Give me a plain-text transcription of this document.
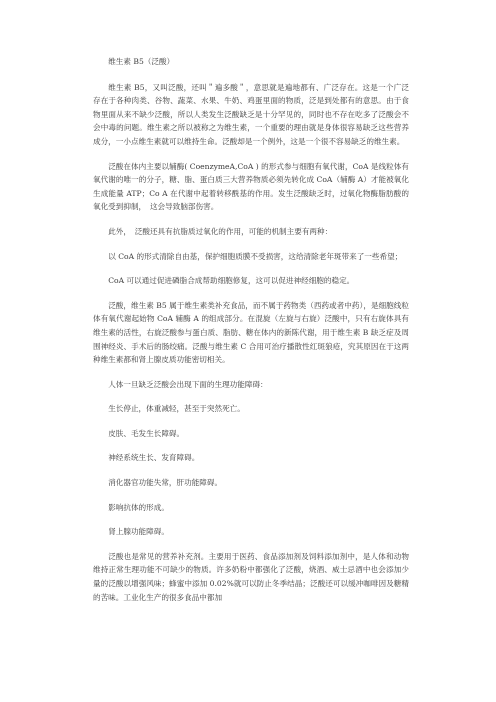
维生素 B5（泛酸）

维生素 B5，又叫泛酸，还叫＂遍多酸＂，意思就是遍地都有、广泛存在。这是一个广泛存在于各种肉类、谷物、蔬菜、水果、牛奶、鸡蛋里面的物质，泛是到处都有的意思。由于食物里面从来不缺少泛酸，所以人类发生泛酸缺乏是十分罕见的，同时也不存在吃多了泛酸会不会中毒的问题。维生素之所以被称之为维生素，一个重要的理由就是身体很容易缺乏这些营养成分，一小点维生素就可以维持生命。泛酸却是一个例外，这是一个很不容易缺乏的维生素。

泛酸在体内主要以辅酶( CoenzymeA,CoA ) 的形式参与细胞有氧代谢，CoA 是线粒体有氧代谢的唯一的分子，糖、脂、蛋白质三大营养物质必须先转化成 CoA（辅酶 A）才能被氧化生成能量 ATP；Co A 在代谢中起着转移酰基的作用。发生泛酸缺乏时，过氧化物酶脂肪酸的氧化受到抑制，　这会导致脑部伤害。

此外，　泛酸还具有抗脂质过氧化的作用，可能的机制主要有两种：

以 CoA 的形式清除自由基，保护细胞质膜不受损害，这给清除老年斑带来了一些希望；

CoA 可以通过促进磷脂合成帮助细胞修复，这可以促进神经细胞的稳定。

泛酸，维生素 B5 属于维生素类补充食品，而不属于药物类（西药或者中药），是细胞线粒体有氧代谢起始物 CoA 辅酶 A 的组成部分。在混旋（左旋与右旋）泛酸中，只有右旋体具有维生素的活性，右旋泛酸参与蛋白质、脂肪、糖在体内的新陈代谢，用于维生素 B 缺乏症及周围神经炎、手术后的肠绞痛。泛酸与维生素 C 合用可治疗播散性红斑狼疮，究其原因在于这两种维生素都和肾上腺皮质功能密切相关。

人体一旦缺乏泛酸会出现下面的生理功能障碍：

生长停止，体重减轻，甚至于突然死亡。

皮肤、毛发生长障碍。

神经系统生长、发育障碍。

消化器官功能失常，肝功能障碍。

影响抗体的形成。

肾上腺功能障碍。

泛酸也是常见的营养补充剂。主要用于医药、食品添加剂及饲料添加剂中，是人体和动物维持正常生理功能不可缺少的物质。许多奶粉中都强化了泛酸，烧酒、威士忌酒中也会添加少量的泛酸以增强风味；蜂蜜中添加 0.02%就可以防止冬季结晶；泛酸还可以缓冲咖啡因及糖精的苦味。工业化生产的很多食品中都加
